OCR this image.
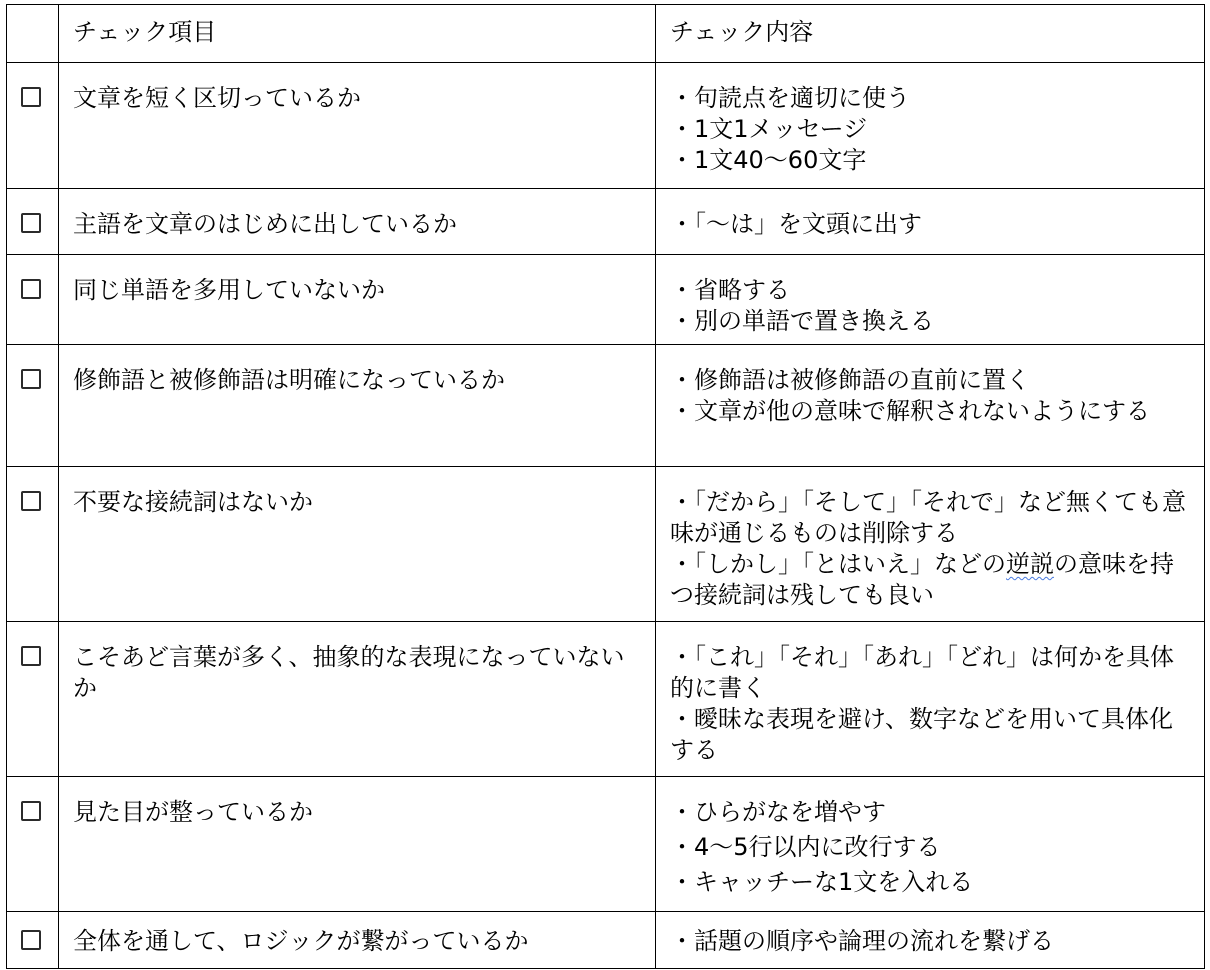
	チェック項目	チェック内容

	文章を短く区切っているか	・句読点を適切に使う
・1文1メッセージ
・1文40〜60文字

	主語を文章のはじめに出しているか	・「〜は」を文頭に出す

	同じ単語を多用していないか	・省略する
・別の単語で置き換える

	修飾語と被修飾語は明確になっているか	・修飾語は被修飾語の直前に置く
・文章が他の意味で解釈されないようにする

	不要な接続詞はないか	・「だから」「そして」「それで」など無くても意味が通じるものは削除する
・「しかし」「とはいえ」などの逆説の意味を持つ接続詞は残しても良い

	こそあど言葉が多く、抽象的な表現になっていないか	・「これ」「それ」「あれ」「どれ」は何かを具体的に書く
・曖昧な表現を避け、数字などを用いて具体化する

	見た目が整っているか	・ひらがなを増やす
・4〜5行以内に改行する
・キャッチーな1文を入れる

	全体を通して、ロジックが繋がっているか	・話題の順序や論理の流れを繋げる
